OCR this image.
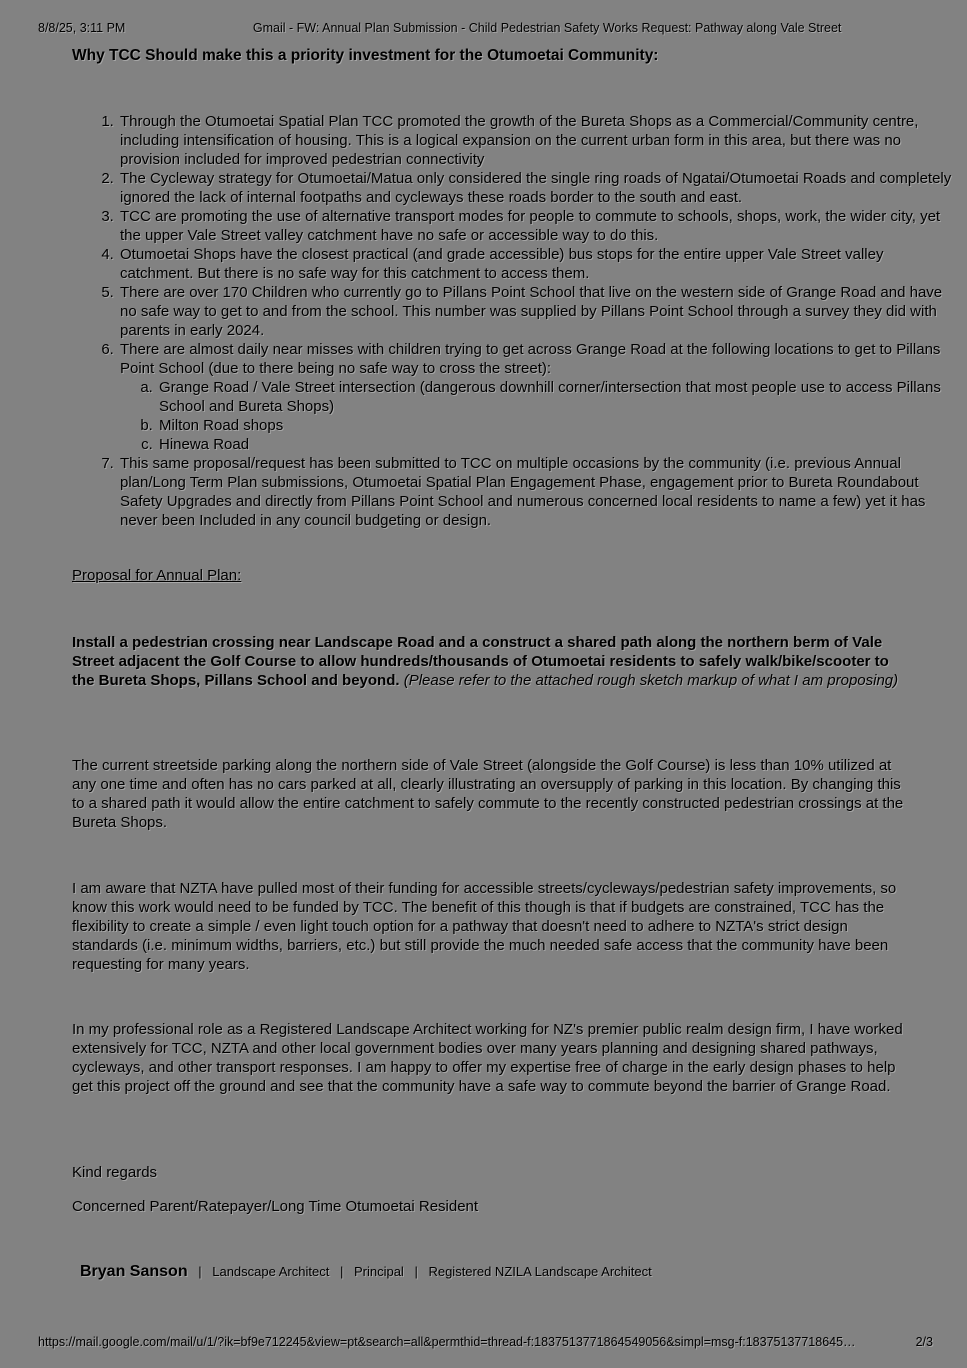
8/8/25, 3:11 PM	Gmail - FW: Annual Plan Submission - Child Pedestrian Safety Works Request: Pathway along Vale Street
Why TCC Should make this a priority investment for the Otumoetai Community:
1. Through the Otumoetai Spatial Plan TCC promoted the growth of the Bureta Shops as a Commercial/Community centre, including intensification of housing. This is a logical expansion on the current urban form in this area, but there was no provision included for improved pedestrian connectivity
2. The Cycleway strategy for Otumoetai/Matua only considered the single ring roads of Ngatai/Otumoetai Roads and completely ignored the lack of internal footpaths and cycleways these roads border to the south and east.
3. TCC are promoting the use of alternative transport modes for people to commute to schools, shops, work, the wider city, yet the upper Vale Street valley catchment have no safe or accessible way to do this.
4. Otumoetai Shops have the closest practical (and grade accessible) bus stops for the entire upper Vale Street valley catchment. But there is no safe way for this catchment to access them.
5. There are over 170 Children who currently go to Pillans Point School that live on the western side of Grange Road and have no safe way to get to and from the school. This number was supplied by Pillans Point School through a survey they did with parents in early 2024.
6. There are almost daily near misses with children trying to get across Grange Road at the following locations to get to Pillans Point School (due to there being no safe way to cross the street):
a. Grange Road / Vale Street intersection (dangerous downhill corner/intersection that most people use to access Pillans School and Bureta Shops)
b. Milton Road shops
c. Hinewa Road
7. This same proposal/request has been submitted to TCC on multiple occasions by the community (i.e. previous Annual plan/Long Term Plan submissions, Otumoetai Spatial Plan Engagement Phase, engagement prior to Bureta Roundabout Safety Upgrades and directly from Pillans Point School and numerous concerned local residents to name a few) yet it has never been Included in any council budgeting or design.

Proposal for Annual Plan:

Install a pedestrian crossing near Landscape Road and a construct a shared path along the northern berm of Vale Street adjacent the Golf Course to allow hundreds/thousands of Otumoetai residents to safely walk/bike/scooter to the Bureta Shops, Pillans School and beyond. (Please refer to the attached rough sketch markup of what I am proposing)

The current streetside parking along the northern side of Vale Street (alongside the Golf Course) is less than 10% utilized at any one time and often has no cars parked at all, clearly illustrating an oversupply of parking in this location. By changing this to a shared path it would allow the entire catchment to safely commute to the recently constructed pedestrian crossings at the Bureta Shops.

I am aware that NZTA have pulled most of their funding for accessible streets/cycleways/pedestrian safety improvements, so know this work would need to be funded by TCC. The benefit of this though is that if budgets are constrained, TCC has the flexibility to create a simple / even light touch option for a pathway that doesn't need to adhere to NZTA's strict design standards (i.e. minimum widths, barriers, etc.) but still provide the much needed safe access that the community have been requesting for many years.

In my professional role as a Registered Landscape Architect working for NZ's premier public realm design firm, I have worked extensively for TCC, NZTA and other local government bodies over many years planning and designing shared pathways, cycleways, and other transport responses. I am happy to offer my expertise free of charge in the early design phases to help get this project off the ground and see that the community have a safe way to commute beyond the barrier of Grange Road.

Kind regards

Concerned Parent/Ratepayer/Long Time Otumoetai Resident

Bryan Sanson | Landscape Architect | Principal | Registered NZILA Landscape Architect

https://mail.google.com/mail/u/1/?ik=bf9e712245&view=pt&search=all&permthid=thread-f:1837513771864549056&simpl=msg-f:18375137718645…	2/3
